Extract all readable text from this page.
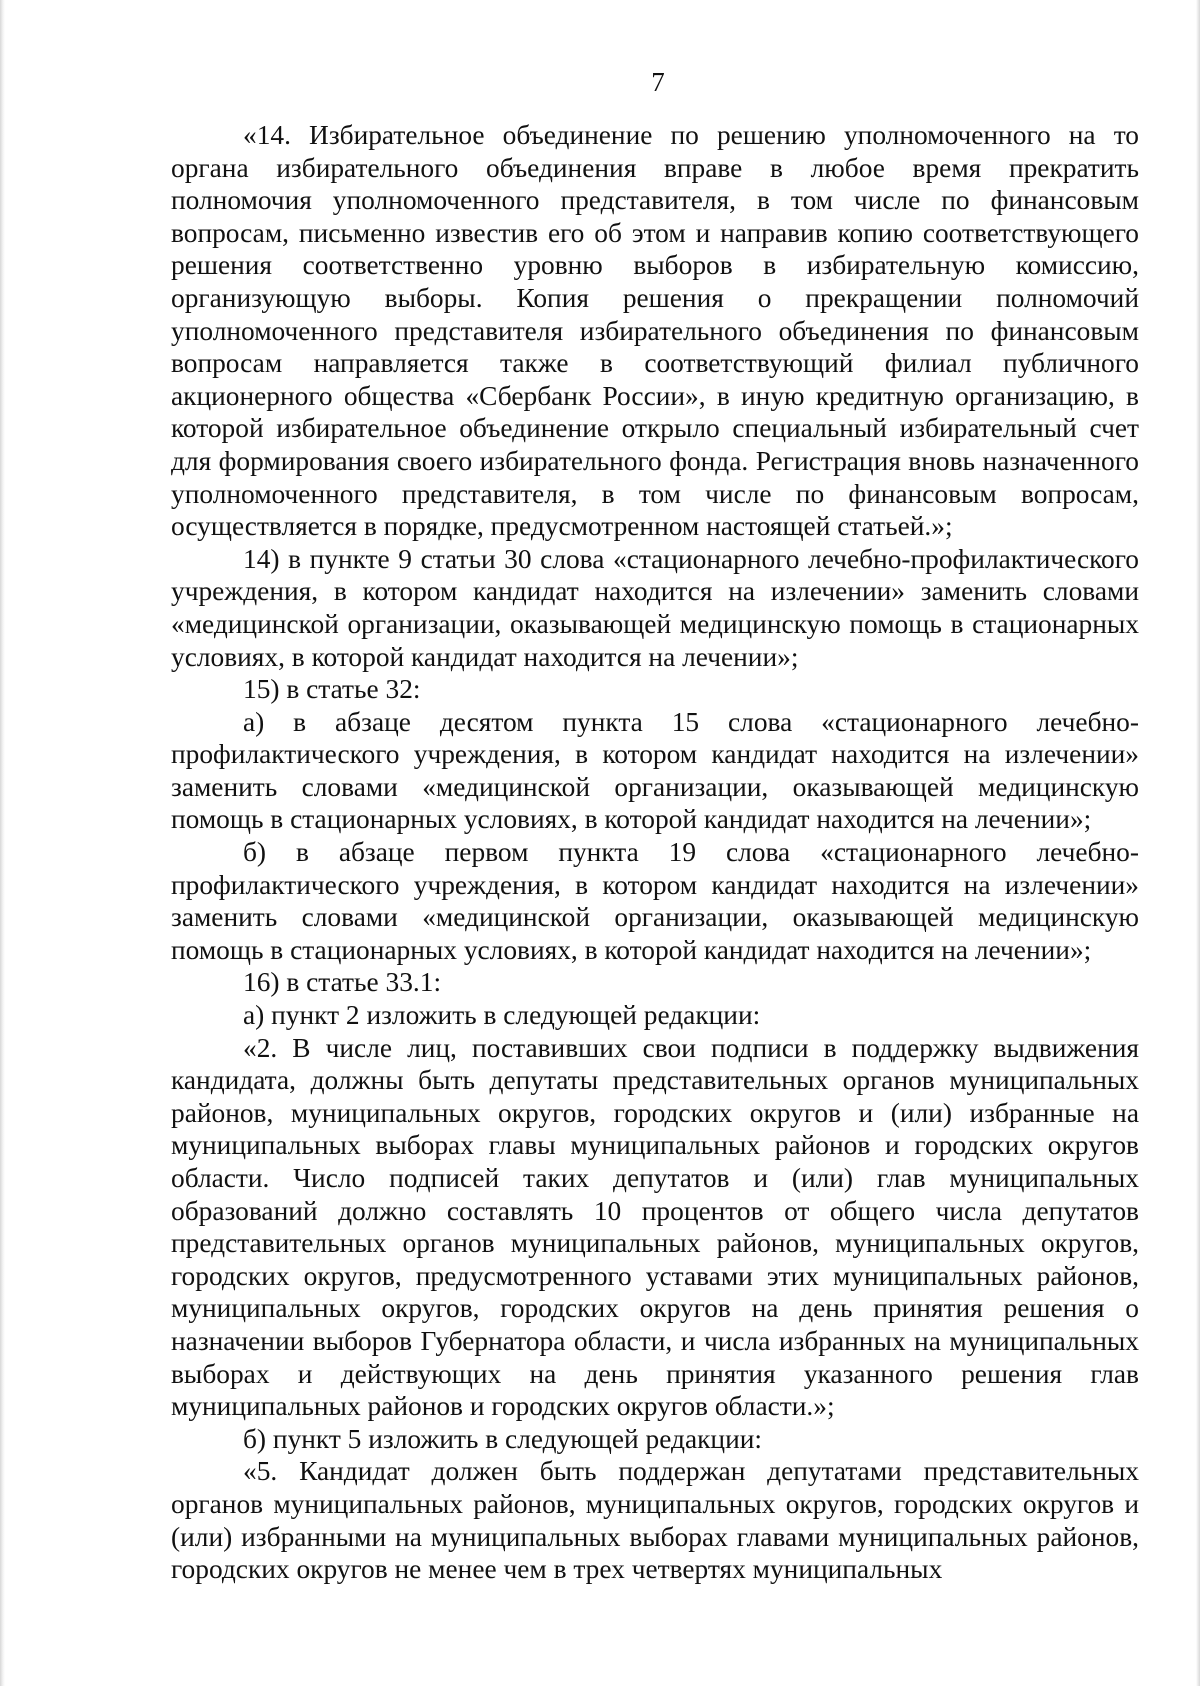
7

«14. Избирательное объединение по решению уполномоченного на то органа избирательного объединения вправе в любое время прекратить полномочия уполномоченного представителя, в том числе по финансовым вопросам, письменно известив его об этом и направив копию соответствующего решения соответственно уровню выборов в избирательную комиссию, организующую выборы. Копия решения о прекращении полномочий уполномоченного представителя избирательного объединения по финансовым вопросам направляется также в соответствующий филиал публичного акционерного общества «Сбербанк России», в иную кредитную организацию, в которой избирательное объединение открыло специальный избирательный счет для формирования своего избирательного фонда. Регистрация вновь назначенного уполномоченного представителя, в том числе по финансовым вопросам, осуществляется в порядке, предусмотренном настоящей статьей.»;

14) в пункте 9 статьи 30 слова «стационарного лечебно-профилактического учреждения, в котором кандидат находится на излечении» заменить словами «медицинской организации, оказывающей медицинскую помощь в стационарных условиях, в которой кандидат находится на лечении»;

15) в статье 32:

а) в абзаце десятом пункта 15 слова «стационарного лечебно-профилактического учреждения, в котором кандидат находится на излечении» заменить словами «медицинской организации, оказывающей медицинскую помощь в стационарных условиях, в которой кандидат находится на лечении»;

б) в абзаце первом пункта 19 слова «стационарного лечебно-профилактического учреждения, в котором кандидат находится на излечении» заменить словами «медицинской организации, оказывающей медицинскую помощь в стационарных условиях, в которой кандидат находится на лечении»;

16) в статье 33.1:

а) пункт 2 изложить в следующей редакции:

«2. В числе лиц, поставивших свои подписи в поддержку выдвижения кандидата, должны быть депутаты представительных органов муниципальных районов, муниципальных округов, городских округов и (или) избранные на муниципальных выборах главы муниципальных районов и городских округов области. Число подписей таких депутатов и (или) глав муниципальных образований должно составлять 10 процентов от общего числа депутатов представительных органов муниципальных районов, муниципальных округов, городских округов, предусмотренного уставами этих муниципальных районов, муниципальных округов, городских округов на день принятия решения о назначении выборов Губернатора области, и числа избранных на муниципальных выборах и действующих на день принятия указанного решения глав муниципальных районов и городских округов области.»;

б) пункт 5 изложить в следующей редакции:

«5. Кандидат должен быть поддержан депутатами представительных органов муниципальных районов, муниципальных округов, городских округов и (или) избранными на муниципальных выборах главами муниципальных районов, городских округов не менее чем в трех четвертях муниципальных
